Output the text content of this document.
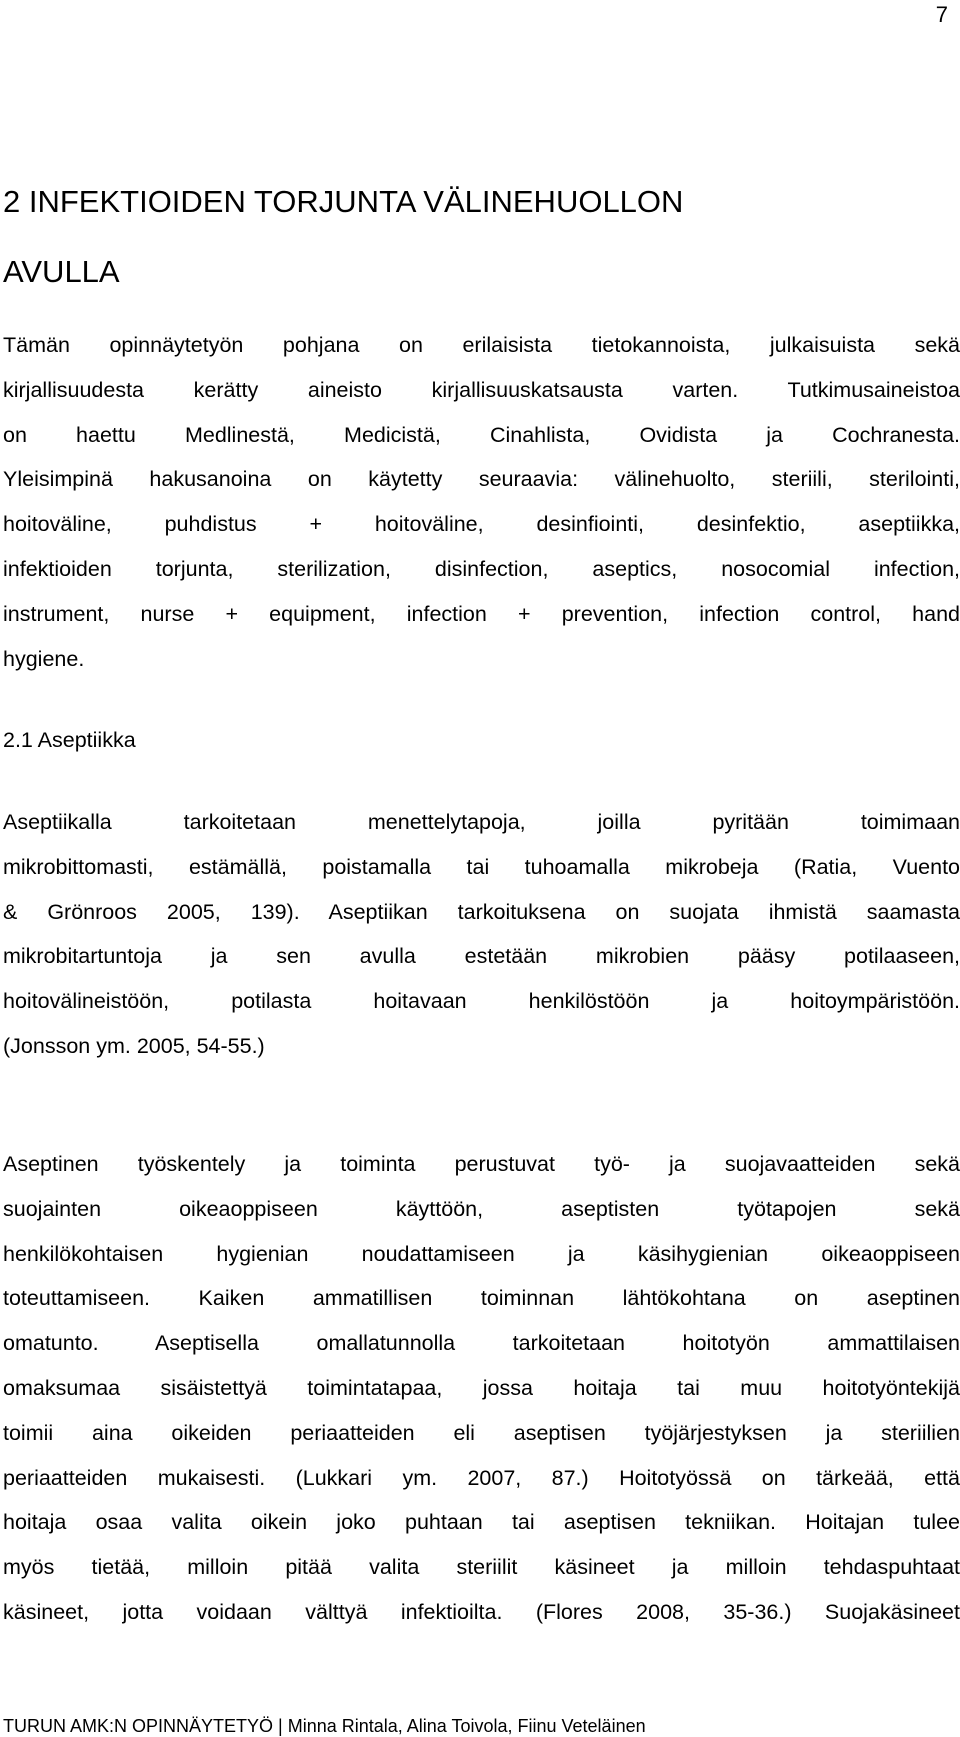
7
2 INFEKTIOIDEN TORJUNTA VÄLINEHUOLLON
AVULLA

Tämän opinnäytetyön pohjana on erilaisista tietokannoista, julkaisuista sekä
kirjallisuudesta kerätty aineisto kirjallisuuskatsausta varten. Tutkimusaineistoa
on haettu Medlinestä, Medicistä, Cinahlista, Ovidista ja Cochranesta.
Yleisimpinä hakusanoina on käytetty seuraavia: välinehuolto, steriili, sterilointi,
hoitoväline, puhdistus + hoitoväline, desinfiointi, desinfektio, aseptiikka,
infektioiden torjunta, sterilization, disinfection, aseptics, nosocomial infection,
instrument, nurse + equipment, infection + prevention, infection control, hand
hygiene.

2.1 Aseptiikka

Aseptiikalla tarkoitetaan menettelytapoja, joilla pyritään toimimaan
mikrobittomasti, estämällä, poistamalla tai tuhoamalla mikrobeja (Ratia, Vuento
& Grönroos 2005, 139). Aseptiikan tarkoituksena on suojata ihmistä saamasta
mikrobitartuntoja ja sen avulla estetään mikrobien pääsy potilaaseen,
hoitovälineistöön, potilasta hoitavaan henkilöstöön ja hoitoympäristöön.
(Jonsson ym. 2005, 54-55.)

Aseptinen työskentely ja toiminta perustuvat työ- ja suojavaatteiden sekä
suojainten oikeaoppiseen käyttöön, aseptisten työtapojen sekä
henkilökohtaisen hygienian noudattamiseen ja käsihygienian oikeaoppiseen
toteuttamiseen. Kaiken ammatillisen toiminnan lähtökohtana on aseptinen
omatunto. Aseptisella omallatunnolla tarkoitetaan hoitotyön ammattilaisen
omaksumaa sisäistettyä toimintatapaa, jossa hoitaja tai muu hoitotyöntekijä
toimii aina oikeiden periaatteiden eli aseptisen työjärjestyksen ja steriilien
periaatteiden mukaisesti. (Lukkari ym. 2007, 87.) Hoitotyössä on tärkeää, että
hoitaja osaa valita oikein joko puhtaan tai aseptisen tekniikan. Hoitajan tulee
myös tietää, milloin pitää valita steriilit käsineet ja milloin tehdaspuhtaat
käsineet, jotta voidaan välttyä infektioilta. (Flores 2008, 35-36.) Suojakäsineet

TURUN AMK:N OPINNÄYTETYÖ | Minna Rintala, Alina Toivola, Fiinu Veteläinen
